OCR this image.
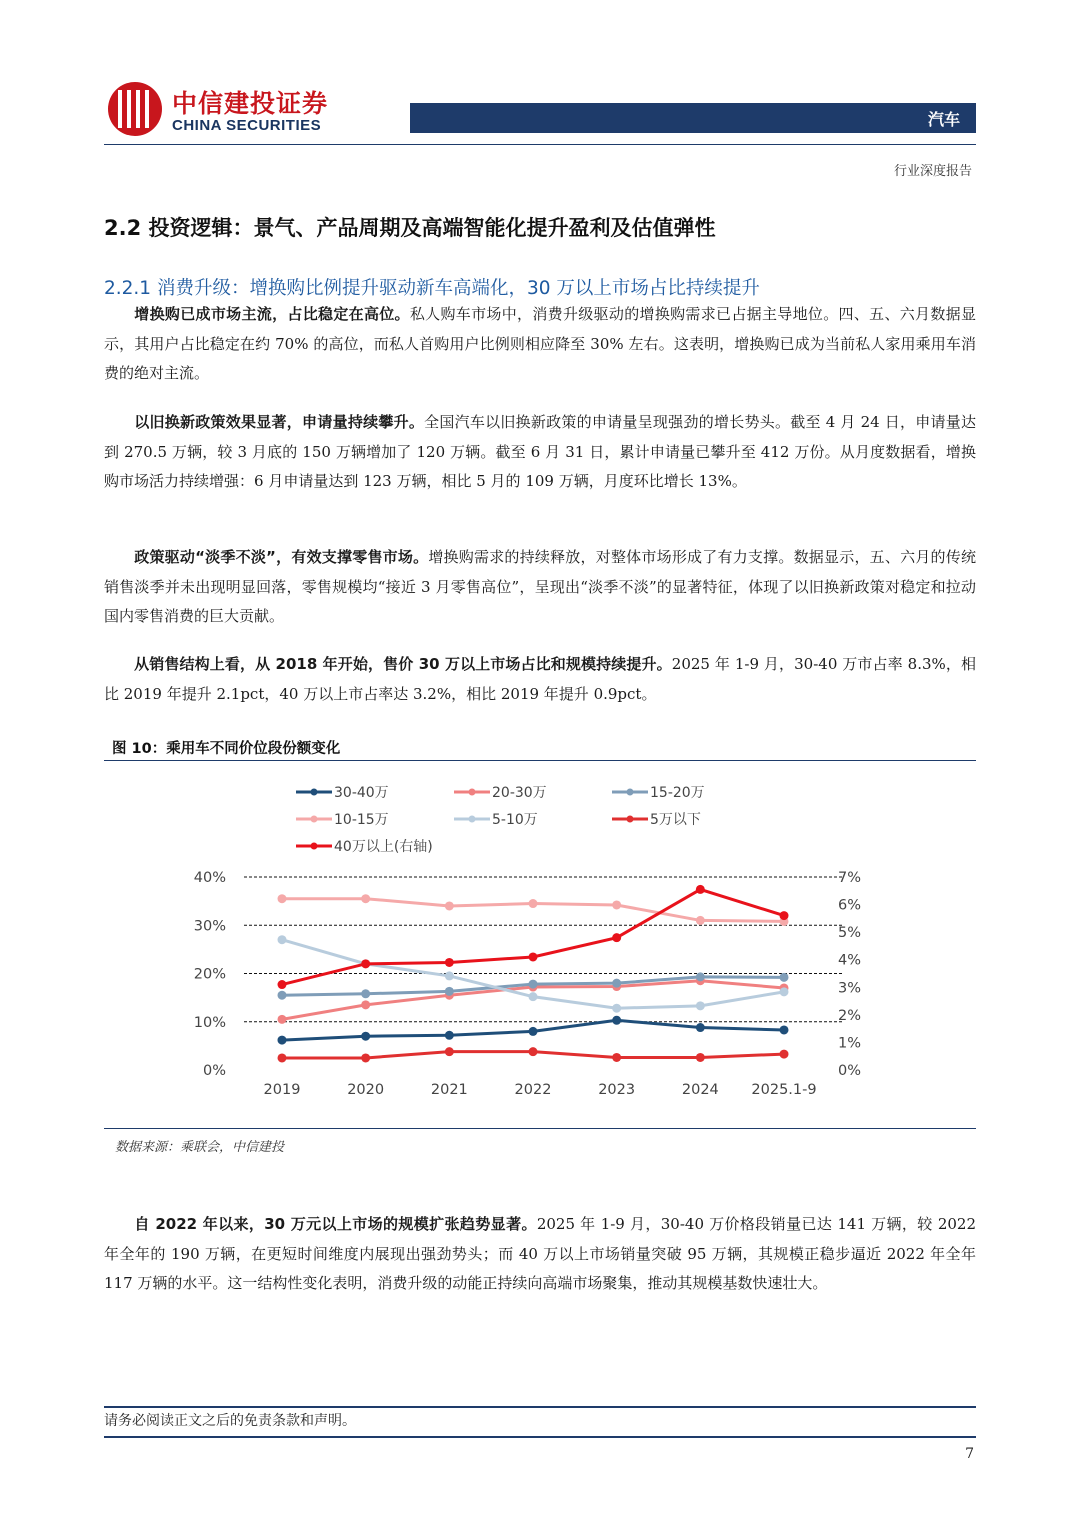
中信建投证券
CHINA SECURITIES	汽车
行业深度报告
2.2 投资逻辑：景气、产品周期及高端智能化提升盈利及估值弹性
2.2.1 消费升级：增换购比例提升驱动新车高端化，30 万以上市场占比持续提升
增换购已成市场主流，占比稳定在高位。私人购车市场中，消费升级驱动的增换购需求已占据主导地位。四、五、六月数据显示，其用户占比稳定在约 70% 的高位，而私人首购用户比例则相应降至 30% 左右。这表明，增换购已成为当前私人家用乘用车消费的绝对主流。
以旧换新政策效果显著，申请量持续攀升。全国汽车以旧换新政策的申请量呈现强劲的增长势头。截至 4 月 24 日，申请量达到 270.5 万辆，较 3 月底的 150 万辆增加了 120 万辆。截至 6 月 31 日，累计申请量已攀升至 412 万份。从月度数据看，增换购市场活力持续增强：6 月申请量达到 123 万辆，相比 5 月的 109 万辆，月度环比增长 13%。
政策驱动“淡季不淡”，有效支撑零售市场。增换购需求的持续释放，对整体市场形成了有力支撑。数据显示，五、六月的传统销售淡季并未出现明显回落，零售规模均“接近 3 月零售高位”，呈现出“淡季不淡”的显著特征，体现了以旧换新政策对稳定和拉动国内零售消费的巨大贡献。
从销售结构上看，从 2018 年开始，售价 30 万以上市场占比和规模持续提升。2025 年 1-9 月，30-40 万市占率 8.3%，相比 2019 年提升 2.1pct，40 万以上市占率达 3.2%，相比 2019 年提升 0.9pct。
图 10：乘用车不同价位段份额变化
30-40万	20-30万	15-20万
10-15万	5-10万	5万以下
40万以上(右轴)
0%
10%
20%
30%
40%
0%
1%
2%
3%
4%
5%
6%
7%
2019	2020	2021	2022	2023	2024 2025.1-9
数据来源：乘联会，中信建投
自 2022 年以来，30 万元以上市场的规模扩张趋势显著。2025 年 1-9 月，30-40 万价格段销量已达 141 万辆，较 2022 年全年的 190 万辆，在更短时间维度内展现出强劲势头；而 40 万以上市场销量突破 95 万辆，其规模正稳步逼近 2022 年全年 117 万辆的水平。这一结构性变化表明，消费升级的动能正持续向高端市场聚集，推动其规模基数快速壮大。
请务必阅读正文之后的免责条款和声明。
7
